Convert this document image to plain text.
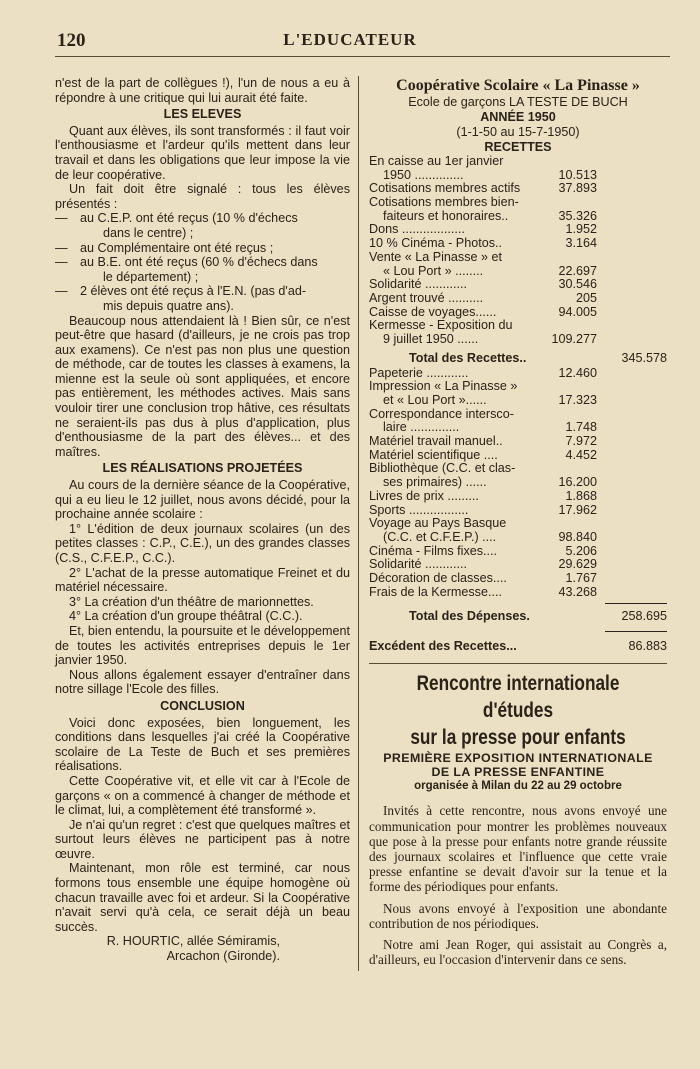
120	L'EDUCATEUR

n'est de la part de collègues !), l'un de nous a eu à répondre à une critique qui lui aurait été faite.

LES ELEVES

Quant aux élèves, ils sont transformés : il faut voir l'enthousiasme et l'ardeur qu'ils mettent dans leur travail et dans les obligations que leur impose la vie de leur coopérative.

Un fait doit être signalé : tous les élèves présentés :

— au C.E.P. ont été reçus (10 % d'échecs

dans le centre) ;

— au Complémentaire ont été reçus ;
— au B.E. ont été reçus (60 % d'échecs dans

le département) ;

— 2 élèves ont été reçus à l'E.N. (pas d'ad-

mis depuis quatre ans).

Beaucoup nous attendaient là ! Bien sûr, ce n'est peut-être que hasard (d'ailleurs, je ne crois pas trop aux examens). Ce n'est pas non plus une question de méthode, car de toutes les classes à examens, la mienne est la seule où sont appliquées, et encore pas entièrement, les méthodes actives. Mais sans vouloir tirer une conclusion trop hâtive, ces résultats ne seraient-ils pas dus à plus d'application, plus d'enthousiasme de la part des élèves... et des maîtres.

LES RÉALISATIONS PROJETÉES

Au cours de la dernière séance de la Coopérative, qui a eu lieu le 12 juillet, nous avons décidé, pour la prochaine année scolaire :

1° L'édition de deux journaux scolaires (un des petites classes : C.P., C.E.), un des grandes classes (C.S., C.F.E.P., C.C.).

2° L'achat de la presse automatique Freinet et du matériel nécessaire.

3° La création d'un théâtre de marionnettes.

4° La création d'un groupe théâtral (C.C.).

Et, bien entendu, la poursuite et le développement de toutes les activités entreprises depuis le 1er janvier 1950.

Nous allons également essayer d'entraîner dans notre sillage l'Ecole des filles.

CONCLUSION

Voici donc exposées, bien longuement, les conditions dans lesquelles j'ai créé la Coopérative scolaire de La Teste de Buch et ses premières réalisations.

Cette Coopérative vit, et elle vit car à l'Ecole de garçons « on a commencé à changer de méthode et le climat, lui, a complètement été transformé ».

Je n'ai qu'un regret : c'est que quelques maîtres et surtout leurs élèves ne participent pas à notre œuvre.

Maintenant, mon rôle est terminé, car nous formons tous ensemble une équipe homogène où chacun travaille avec foi et ardeur. Si la Coopérative n'avait servi qu'à cela, ce serait déjà un beau succès.

R. HOURTIC, allée Sémiramis,

Arcachon (Gironde).

Coopérative Scolaire « La Pinasse »
Ecole de garçons LA TESTE DE BUCH
ANNÉE 1950
(1-1-50 au 15-7-1950)
RECETTES
En caisse au 1er janvier
1950 ..............	10.513
Cotisations membres actifs	37.893
Cotisations membres bien-
faiteurs et honoraires..	35.326
Dons ..................	1.952
10 % Cinéma - Photos..	3.164
Vente « La Pinasse » et
« Lou Port » ........	22.697
Solidarité ............	30.546
Argent trouvé ..........	205
Caisse de voyages......	94.005
Kermesse - Exposition du
9 juillet 1950 ......	109.277
Total des Recettes..	345.578
Papeterie ............	12.460
Impression « La Pinasse »
et « Lou Port »......	17.323
Correspondance intersco-
laire ..............	1.748
Matériel travail manuel..	7.972
Matériel scientifique ....	4.452
Bibliothèque (C.C. et clas-
ses primaires) ......	16.200
Livres de prix .........	1.868
Sports .................	17.962
Voyage au Pays Basque
(C.C. et C.F.E.P.) ....	98.840
Cinéma - Films fixes....	5.206
Solidarité ............	29.629
Décoration de classes....	1.767
Frais de la Kermesse....	43.268
Total des Dépenses.	258.695
Excédent des Recettes...	86.883
Rencontre internationale d'études
sur la presse pour enfants
PREMIÈRE EXPOSITION INTERNATIONALE
DE LA PRESSE ENFANTINE
organisée à Milan du 22 au 29 octobre

Invités à cette rencontre, nous avons envoyé une communication pour montrer les problèmes nouveaux que pose à la presse pour enfants notre grande réussite des journaux scolaires et l'influence que cette vraie presse enfantine se devait d'avoir sur la tenue et la forme des périodiques pour enfants.

Nous avons envoyé à l'exposition une abondante contribution de nos périodiques.

Notre ami Jean Roger, qui assistait au Congrès a, d'ailleurs, eu l'occasion d'intervenir dans ce sens.
